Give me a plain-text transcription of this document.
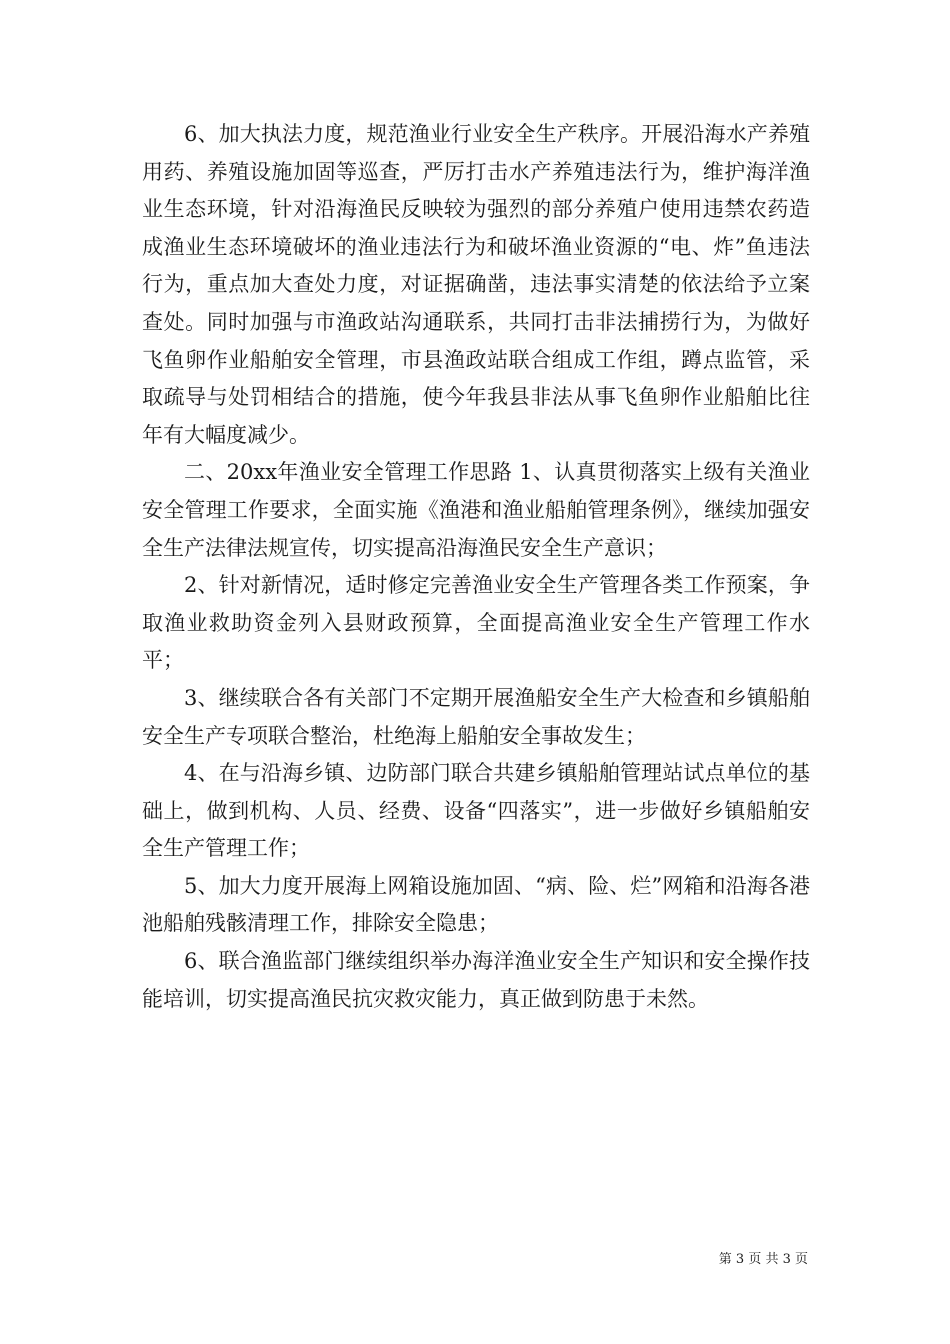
6、加大执法力度，规范渔业行业安全生产秩序。开展沿海水产养殖用药、养殖设施加固等巡查，严厉打击水产养殖违法行为，维护海洋渔业生态环境，针对沿海渔民反映较为强烈的部分养殖户使用违禁农药造成渔业生态环境破坏的渔业违法行为和破坏渔业资源的“电、炸”鱼违法行为，重点加大查处力度，对证据确凿，违法事实清楚的依法给予立案查处。同时加强与市渔政站沟通联系，共同打击非法捕捞行为，为做好飞鱼卵作业船舶安全管理，市县渔政站联合组成工作组，蹲点监管，采取疏导与处罚相结合的措施，使今年我县非法从事飞鱼卵作业船舶比往年有大幅度减少。

二、20xx年渔业安全管理工作思路 1、认真贯彻落实上级有关渔业安全管理工作要求，全面实施《渔港和渔业船舶管理条例》，继续加强安全生产法律法规宣传，切实提高沿海渔民安全生产意识；

2、针对新情况，适时修定完善渔业安全生产管理各类工作预案，争取渔业救助资金列入县财政预算，全面提高渔业安全生产管理工作水平；

3、继续联合各有关部门不定期开展渔船安全生产大检查和乡镇船舶安全生产专项联合整治，杜绝海上船舶安全事故发生；

4、在与沿海乡镇、边防部门联合共建乡镇船舶管理站试点单位的基础上，做到机构、人员、经费、设备“四落实”，进一步做好乡镇船舶安全生产管理工作；

5、加大力度开展海上网箱设施加固、“病、险、烂”网箱和沿海各港池船舶残骸清理工作，排除安全隐患；

6、联合渔监部门继续组织举办海洋渔业安全生产知识和安全操作技能培训，切实提高渔民抗灾救灾能力，真正做到防患于未然。

第 3 页 共 3 页
